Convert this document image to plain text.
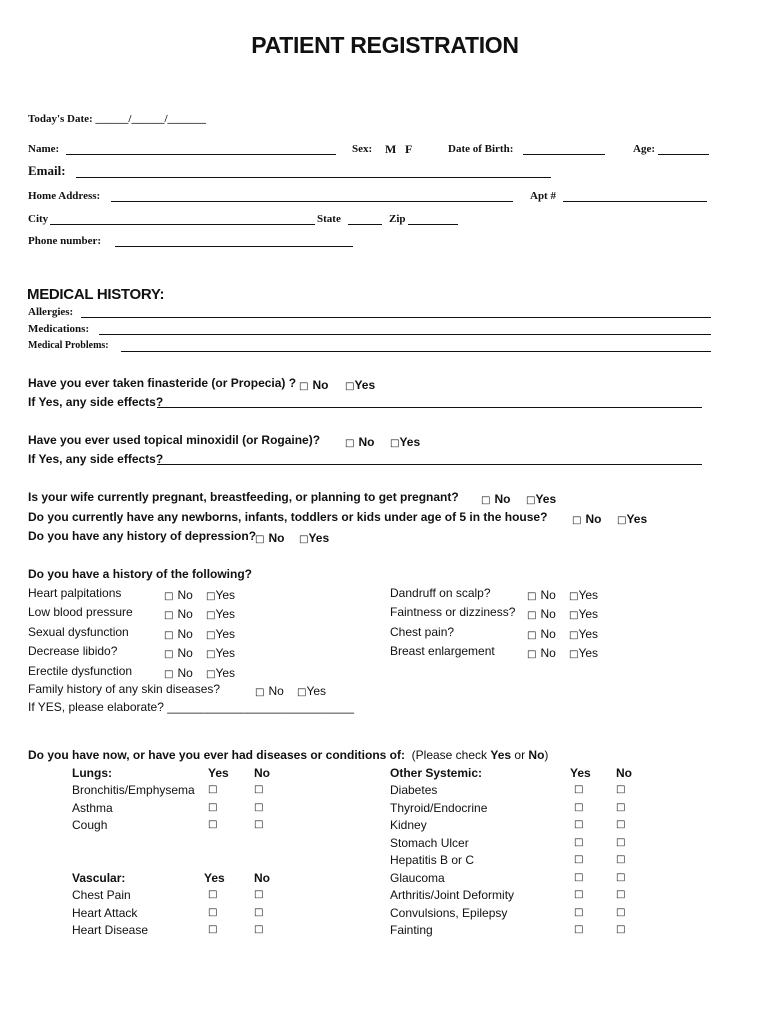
PATIENT REGISTRATION
Today's Date: ______/______/_______
Name:	Sex: M F	Date of Birth:	Age:
Email:
Home Address:	Apt #
City	State	Zip
Phone number:
MEDICAL HISTORY:
Allergies:
Medications:
Medical Problems:
Have you ever taken finasteride (or Propecia) ? □ No □Yes
If Yes, any side effects?
Have you ever used topical minoxidil (or Rogaine)? □ No □Yes
If Yes, any side effects?
Is your wife currently pregnant, breastfeeding, or planning to get pregnant? □ No □Yes
Do you currently have any newborns, infants, toddlers or kids under age of 5 in the house? □ No □Yes
Do you have any history of depression?
□ No □Yes
Do you have a history of the following?
Heart palpitations	□ No □Yes
Low blood pressure	□ No □Yes
Sexual dysfunction	□ No □Yes
Decrease libido?	□ No □Yes
Erectile dysfunction	□ No □Yes
Dandruff on scalp?	□ No □Yes
Faintness or dizziness? □ No □Yes
Chest pain?	□ No □Yes
Breast enlargement	□ No □Yes
Family history of any skin diseases?	□ No □Yes
If YES, please elaborate? ____________________________
Do you have now, or have you ever had diseases or conditions of: (Please check Yes or No)
Lungs:	Yes No
Bronchitis/Emphysema □	□
Asthma	□	□
Cough	□	□
Vascular:	Yes No
Chest Pain	□	□
Heart Attack	□	□
Heart Disease	□	□
Other Systemic:	Yes No
Diabetes	□	□
Thyroid/Endocrine	□	□
Kidney	□	□
Stomach Ulcer	□	□
Hepatitis B or C	□	□
Glaucoma	□	□
Arthritis/Joint Deformity	□	□
Convulsions, Epilepsy	□	□
Fainting	□	□
